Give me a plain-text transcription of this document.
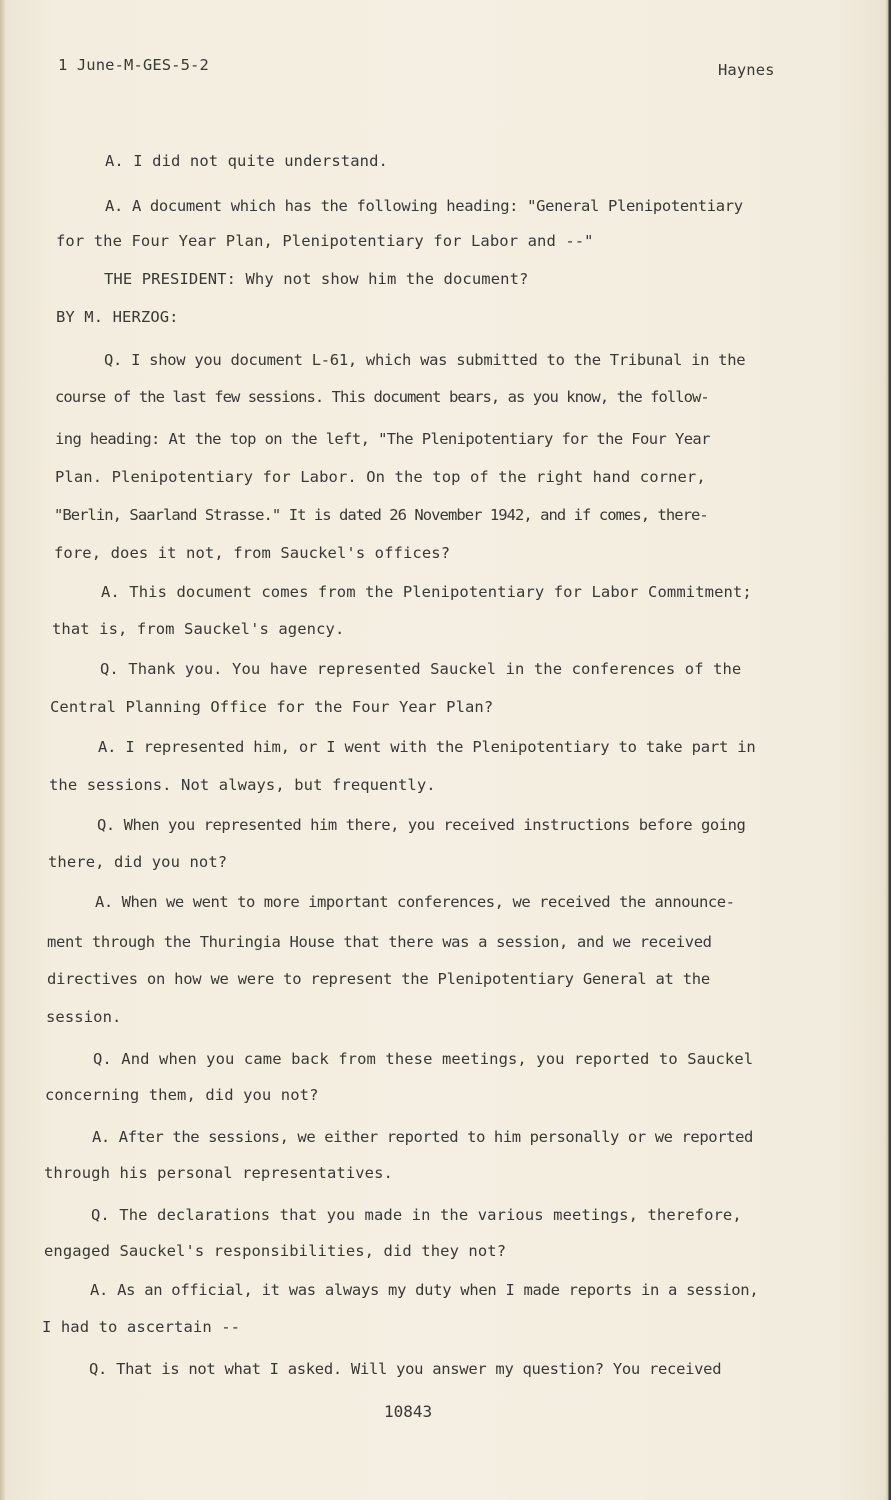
1 June-M-GES-5-2	Haynes
A. I did not quite understand.
A. A document which has the following heading: "General Plenipotentiary
for the Four Year Plan, Plenipotentiary for Labor and --"
THE PRESIDENT: Why not show him the document?
BY M. HERZOG:
Q. I show you document L-61, which was submitted to the Tribunal in the
course of the last few sessions. This document bears, as you know, the follow-
ing heading: At the top on the left, "The Plenipotentiary for the Four Year
Plan. Plenipotentiary for Labor. On the top of the right hand corner,
"Berlin, Saarland Strasse." It is dated 26 November 1942, and if comes, there-
fore, does it not, from Sauckel's offices?
A. This document comes from the Plenipotentiary for Labor Commitment;
that is, from Sauckel's agency.
Q. Thank you. You have represented Sauckel in the conferences of the
Central Planning Office for the Four Year Plan?
A. I represented him, or I went with the Plenipotentiary to take part in
the sessions. Not always, but frequently.
Q. When you represented him there, you received instructions before going
there, did you not?
A. When we went to more important conferences, we received the announce-
ment through the Thuringia House that there was a session, and we received
directives on how we were to represent the Plenipotentiary General at the
session.
Q. And when you came back from these meetings, you reported to Sauckel
concerning them, did you not?
A. After the sessions, we either reported to him personally or we reported
through his personal representatives.
Q. The declarations that you made in the various meetings, therefore,
engaged Sauckel's responsibilities, did they not?
A. As an official, it was always my duty when I made reports in a session,
I had to ascertain --
Q. That is not what I asked. Will you answer my question? You received
10843
